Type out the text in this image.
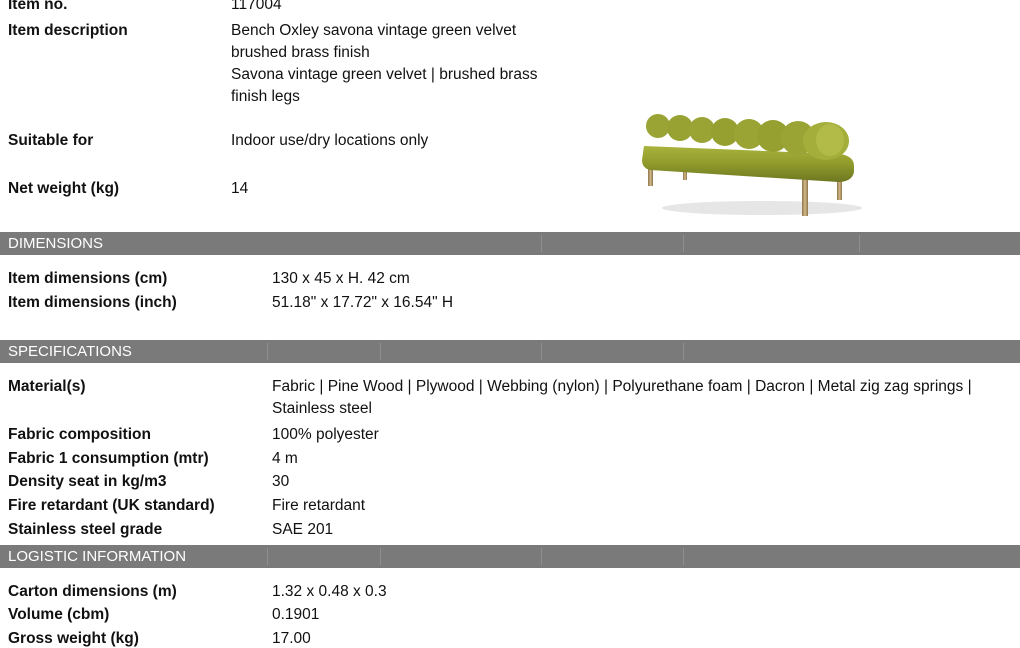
Item no.	117004
Item description	Bench Oxley savona vintage green velvet
brushed brass finish
Savona vintage green velvet | brushed brass
finish legs
Suitable for	Indoor use/dry locations only
Net weight (kg)	14
DIMENSIONS
Item dimensions (cm)	130 x 45 x H. 42 cm
Item dimensions (inch)	51.18" x 17.72" x 16.54" H
SPECIFICATIONS
Material(s)	Fabric | Pine Wood | Plywood | Webbing (nylon) | Polyurethane foam | Dacron | Metal zig zag springs |
Stainless steel
Fabric composition	100% polyester
Fabric 1 consumption (mtr)	4 m
Density seat in kg/m3	30
Fire retardant (UK standard)	Fire retardant
Stainless steel grade	SAE 201
LOGISTIC INFORMATION
Carton dimensions (m)	1.32 x 0.48 x 0.3
Volume (cbm)	0.1901
Gross weight (kg)	17.00
